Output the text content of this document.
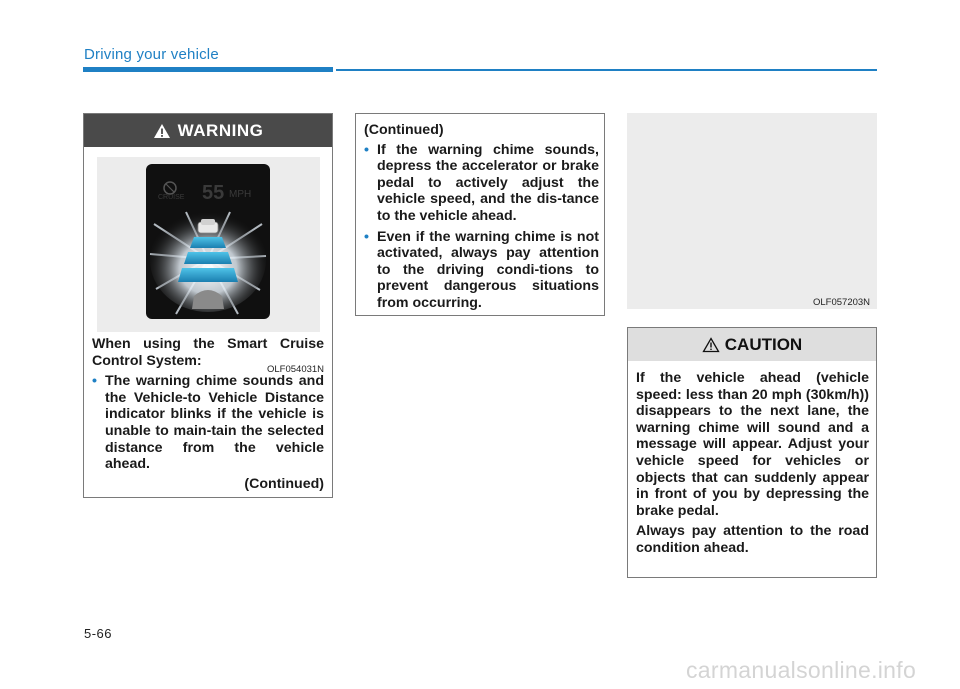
Driving your vehicle
WARNING
55 MPH
CRUISE
OLF054031N
When using the Smart Cruise Control System:
• The warning chime sounds and the Vehicle-to Vehicle Distance indicator blinks if the vehicle is unable to main-tain the selected distance from the vehicle ahead.
(Continued)
(Continued)
• If the warning chime sounds, depress the accelerator or brake pedal to actively adjust the vehicle speed, and the dis-tance to the vehicle ahead.
• Even if the warning chime is not activated, always pay attention to the driving condi-tions to prevent dangerous situations from occurring.	OLF057203N
CAUTION

If the vehicle ahead (vehicle speed: less than 20 mph (30km/h)) disappears to the next lane, the warning chime will sound and a message will appear. Adjust your vehicle speed for vehicles or objects that can suddenly appear in front of you by depressing the brake pedal.

Always pay attention to the road condition ahead.

5-66
carmanualsonline.info
